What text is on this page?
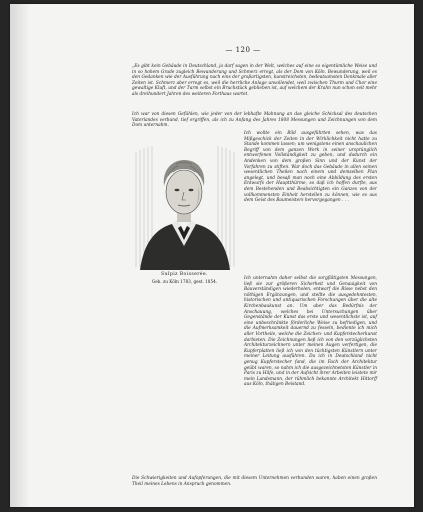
— 120 —
„Es gibt kein Gebäude in Deutschland, ja darf sagen in der Welt, welches auf eine so eigentümliche Weise und in so hohem Grade zugleich Bewunderung und Schmerz erregt, als der Dom von Köln. Bewunderung, weil es den Gedanken wie der Ausführung nach eins der großartigsten, kunstreichsten, bedeutsamsten Denkmale aller Zeiten ist. Schmerz aber erregt es, weil die herrliche Anlage unvollendet, weil zwischen Thurm und Chor eine gewaltige Kluft, und der Turm selbst ein Bruchstück geblieben ist, auf welchem der Krahn nun schon seit mehr als dreihundert Jahren des weiteren Forthaus wartet.
Ich war von diesen Gefühlen, wie jeder von der lebhafte Mahnung an das gleiche Schicksal des deutschen Vaterlandes verbund, tief ergriffen, als ich zu Anfang des Jahres 1808 Messungen und Zeichnungen von dem Dom unternahm.
Ich wollte ein Bild ausgeführten sehen, was das Mißgeschick der Zeiten in der Wirklichkeit nicht hatte zu Stande kommen lassen; um wenigstens einen anschaulichen Begriff von dem ganzen Werk in seiner ursprünglich entworfenen Vollständigkeit zu geben, und dadurch ein Andenken von dem großen Sinn und der Kunst der Vorfahren zu stiften. War doch das Gebäude in allen seinen wesentlichen Theilen nach einem und demselben Plan angelegt, und besaß man noch eine Abbildung des ersten Entwurfs der Hauptthürme, so daß ich hoffen durfte, aus dem Bestehenden und Beabsichtigten ein Ganzes von der vollkommensten Einheit herstellen zu können, wie es aus dem Geist des Baumeisters hervorgegangen . . .
Sulpiz Boisserée.
Geb. zu Köln 1783, gest. 1854.
Ich unternahm daher selbst die sorgfältigsten Messungen, ließ sie zur größeren Sicherheit und Genauigkeit von Bauverständigen wiederholen, entwarf die Risse nebst den nöthigen Ergänzungen, und stellte die ausgedehntesten, historischen und antiquarischen Forschungen über die alte Kirchenbaukunst an. Um aber das Bedürfnis der Anschauung, welches bei Untersuchungen über Gegenstände der Kunst das erste und wesentlichste ist, auf eine unbeschränkte förderliche Weise zu befriedigen, und die Aufmerksamkeit dauernd zu fesseln, bediente ich mich aller Vortheile, welche die Zeichen- und Kupferstecherkunst darbieten. Die Zeichnungen ließ ich von den vorzüglichsten Architekturzeichnern unter meinen Augen verfertigen, die Kupferplatten ließ ich von den tüchtigsten Künstlern unter meiner Leitung ausführen. Da ich in Deutschland nicht genug Kupferstecher fand, die im Fach der Architektur geübt waren, so nahm ich die ausgezeichnetsten Künstler in Paris zu Hilfe, und in der Aufsicht ihrer Arbeiten leistete mir mein Landsmann, der rühmlich bekannte Architekt Hittorff aus Köln, thätigen Beistand.
Die Schwierigkeiten und Aufopferungen, die mit diesem Unternehmen verbunden waren, haben einen großen Theil meines Lebens in Anspruch genommen.
